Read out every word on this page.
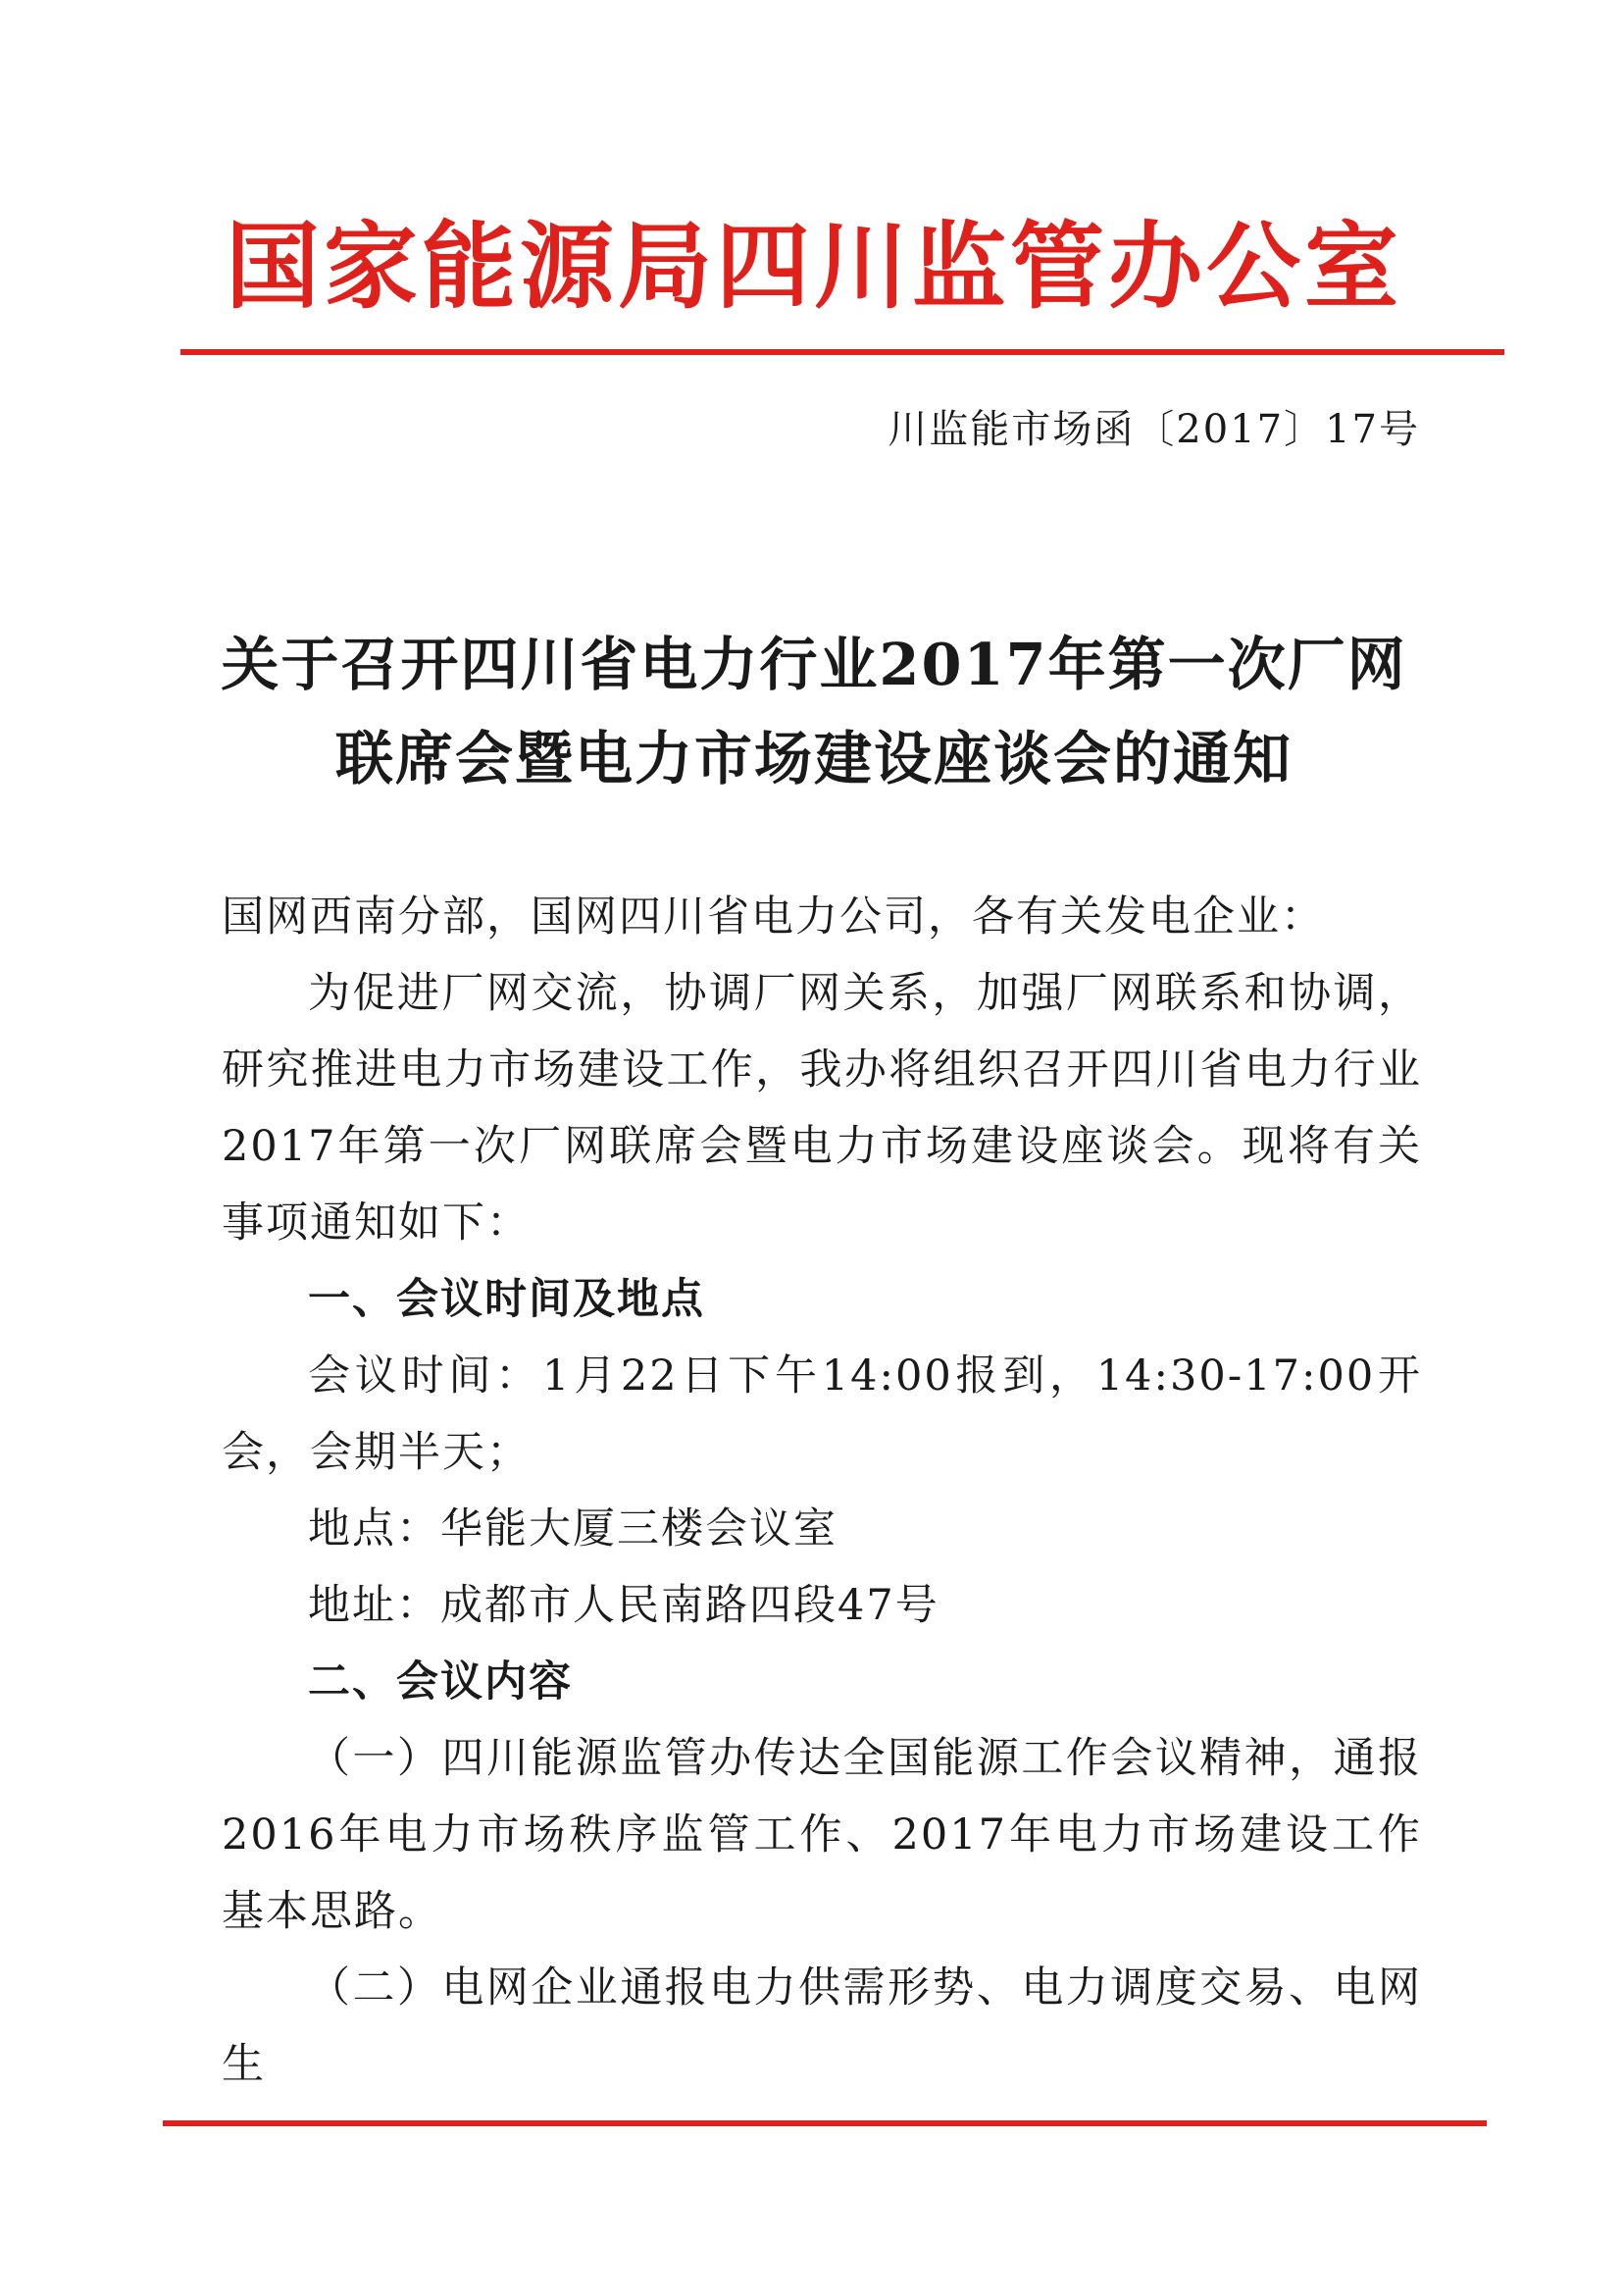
国家能源局四川监管办公室
川监能市场函〔2017〕17号
关于召开四川省电力行业2017年第一次厂网
联席会暨电力市场建设座谈会的通知

国网西南分部，国网四川省电力公司，各有关发电企业：

为促进厂网交流，协调厂网关系，加强厂网联系和协调，研究推进电力市场建设工作，我办将组织召开四川省电力行业2017年第一次厂网联席会暨电力市场建设座谈会。现将有关事项通知如下：

一、会议时间及地点

会议时间：1月22日下午14:00报到，14:30-17:00开会，会期半天；

地点：华能大厦三楼会议室

地址：成都市人民南路四段47号

二、会议内容

（一）四川能源监管办传达全国能源工作会议精神，通报2016年电力市场秩序监管工作、2017年电力市场建设工作基本思路。

（二）电网企业通报电力供需形势、电力调度交易、电网生
